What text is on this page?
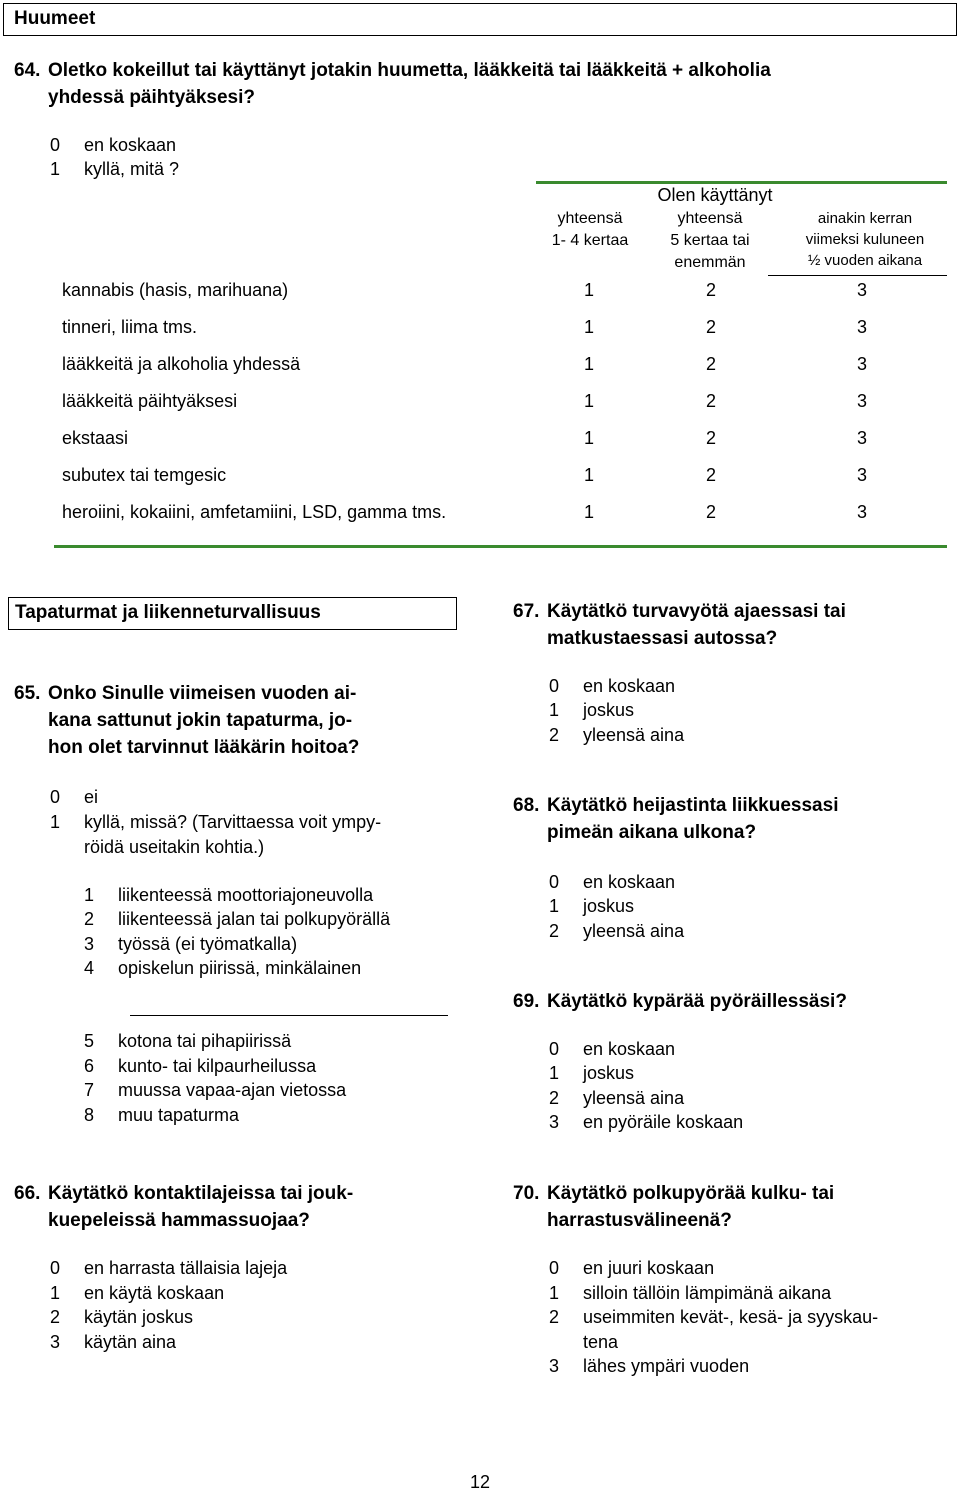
Huumeet
64. Oletko kokeillut tai käyttänyt jotakin huumetta, lääkkeitä tai lääkkeitä + alkoholia
yhdessä päihtyäksesi?
0 en koskaan
1 kyllä, mitä ?
Olen käyttänyt
yhteensä
1- 4 kertaa
yhteensä
5 kertaa tai
enemmän
ainakin kerran
viimeksi kuluneen
½ vuoden aikana
kannabis (hasis, marihuana)	1	2	3
tinneri, liima tms.	1	2	3
lääkkeitä ja alkoholia yhdessä	1	2	3
lääkkeitä päihtyäksesi	1	2	3
ekstaasi	1	2	3
subutex tai temgesic	1	2	3
heroiini, kokaiini, amfetamiini, LSD, gamma tms.	1	2	3
Tapaturmat ja liikenneturvallisuus
65. Onko Sinulle viimeisen vuoden ai-
kana sattunut jokin tapaturma, jo-
hon olet tarvinnut lääkärin hoitoa?
0 ei
1 kyllä, missä? (Tarvittaessa voit ympy-
röidä useitakin kohtia.)
1 liikenteessä moottoriajoneuvolla
2 liikenteessä jalan tai polkupyörällä
3 työssä (ei työmatkalla)
4 opiskelun piirissä, minkälainen
5 kotona tai pihapiirissä
6 kunto- tai kilpaurheilussa
7 muussa vapaa-ajan vietossa
8 muu tapaturma
66. Käytätkö kontaktilajeissa tai jouk-
kuepeleissä hammassuojaa?
0 en harrasta tällaisia lajeja
1 en käytä koskaan
2 käytän joskus
3 käytän aina
67. Käytätkö turvavyötä ajaessasi tai
matkustaessasi autossa?
0 en koskaan
1 joskus
2 yleensä aina
68. Käytätkö heijastinta liikkuessasi
pimeän aikana ulkona?
0 en koskaan
1 joskus
2 yleensä aina
69. Käytätkö kypärää pyöräillessäsi?
0 en koskaan
1 joskus
2 yleensä aina
3 en pyöräile koskaan
70. Käytätkö polkupyörää kulku- tai
harrastusvälineenä?
0 en juuri koskaan
1 silloin tällöin lämpimänä aikana
2 useimmiten kevät-, kesä- ja syyskau-
tena
3 lähes ympäri vuoden
12
